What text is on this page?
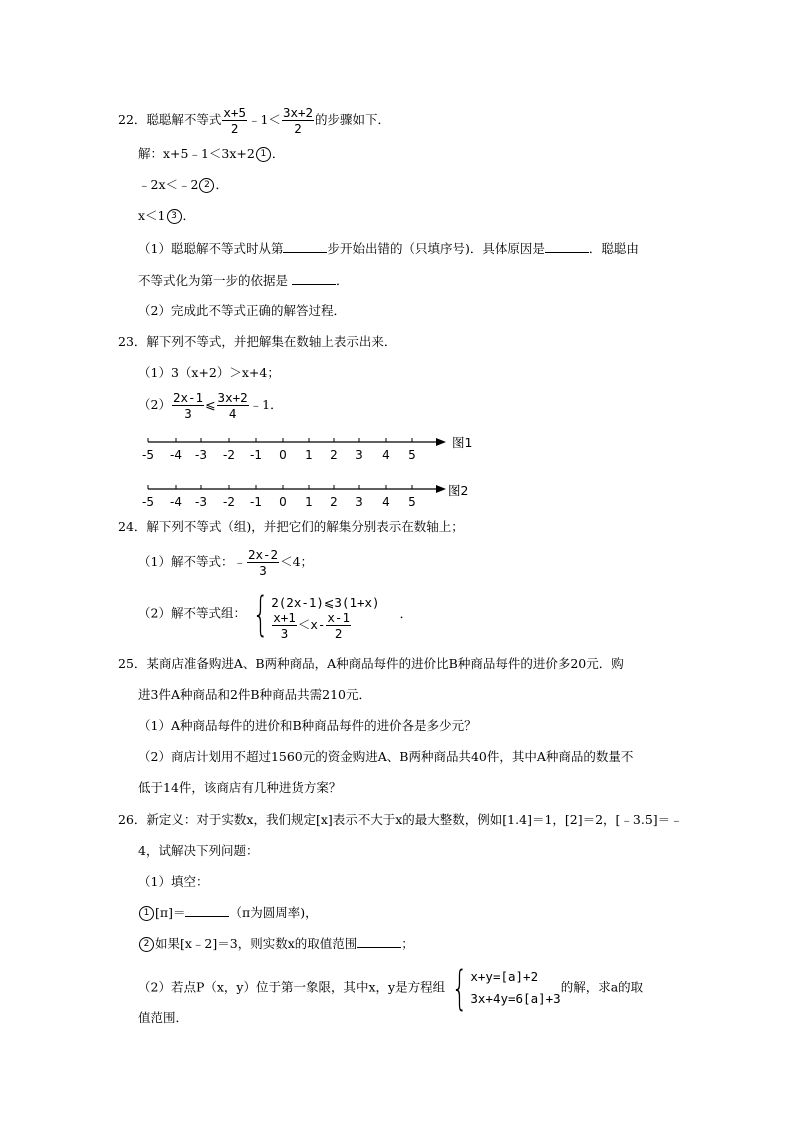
22．聪聪解不等式 $\frac{x+5}{2}$ ﹣1＜ $\frac{3x+2}{2}$ 的步骤如下．
解：x+5﹣1＜3x+2 1 ．
﹣2x＜﹣2 2 ．
x＜1 3 ．
（1）聪聪解不等式时从第	步开始出错的（只填序号)．具体原因是	．聪聪由
不等式化为第一步的依据是	．
（2）完成此不等式正确的解答过程．
23．解下列不等式，并把解集在数轴上表示出来．
（1）3（x+2）＞x+4；
$(2) \frac{2x-1}{3}$ ⩽ $\frac{3x+2}{4}$ ﹣1．
-5 -4 -3 -2 -1 0 1 2 3 4 5
图1
-5 -4 -3 -2 -1 0 1 2 3 4 5
图2
24．解下列不等式（组)，并把它们的解集分别表示在数轴上；
（1）解不等式：﹣ $\frac{2x-2}{3} <4$；
（2）解不等式组： { 2(2x-1)⩽3(1+x)
$\frac{x+1}{3} <x- \frac{x-1}{2}$	．
25．某商店准备购进A、B两种商品，A种商品每件的进价比B种商品每件的进价多20元．购
进3件A种商品和2件B种商品共需210元．
（1）A种商品每件的进价和B种商品每件的进价各是多少元？
（2）商店计划用不超过1560元的资金购进A、B两种商品共40件，其中A种商品的数量不
低于14件，该商店有几种进货方案？
26．新定义：对于实数x，我们规定[x]表示不大于x的最大整数，例如[1.4]＝1，[2]＝2，[﹣3.5]＝﹣
4，试解决下列问题：
（1）填空：
1 [π]＝	（π为圆周率)，
2 如果[x﹣2]＝3，则实数x的取值范围	；
（2）若点P（x，y）位于第一象限，其中x，y是方程组 { x+y=[a]+2
3x+4y=6[a]+3
的解，求a的取
值范围．
